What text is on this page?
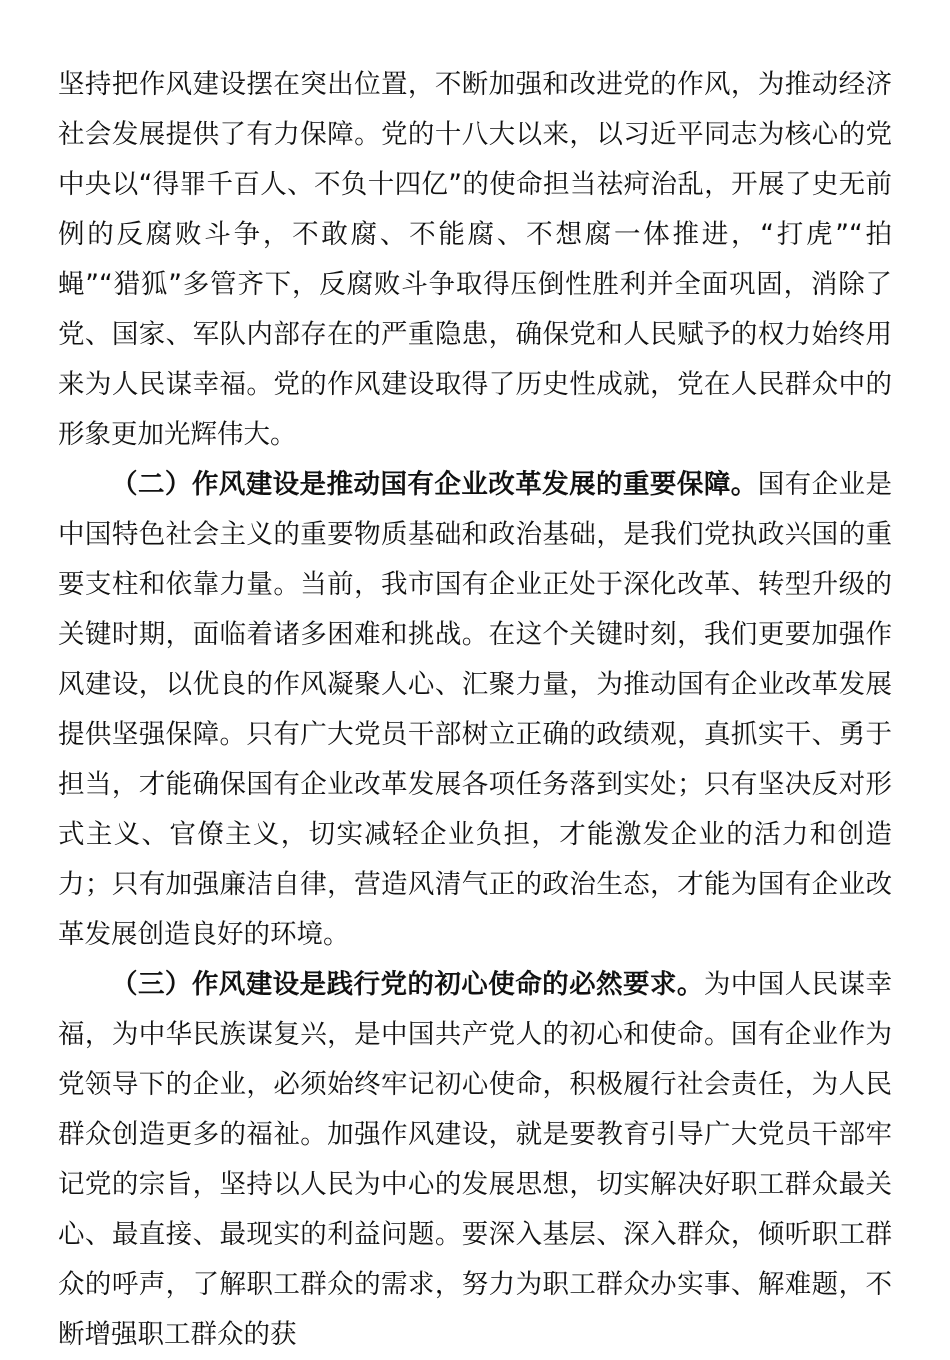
坚持把作风建设摆在突出位置，不断加强和改进党的作风，为推动经济社会发展提供了有力保障。党的十八大以来，以习近平同志为核心的党中央以“得罪千百人、不负十四亿”的使命担当祛疴治乱，开展了史无前例的反腐败斗争，不敢腐、不能腐、不想腐一体推进，“打虎”“拍蝇”“猎狐”多管齐下，反腐败斗争取得压倒性胜利并全面巩固，消除了党、国家、军队内部存在的严重隐患，确保党和人民赋予的权力始终用来为人民谋幸福。党的作风建设取得了历史性成就，党在人民群众中的形象更加光辉伟大。

（二）作风建设是推动国有企业改革发展的重要保障。国有企业是中国特色社会主义的重要物质基础和政治基础，是我们党执政兴国的重要支柱和依靠力量。当前，我市国有企业正处于深化改革、转型升级的关键时期，面临着诸多困难和挑战。在这个关键时刻，我们更要加强作风建设，以优良的作风凝聚人心、汇聚力量，为推动国有企业改革发展提供坚强保障。只有广大党员干部树立正确的政绩观，真抓实干、勇于担当，才能确保国有企业改革发展各项任务落到实处；只有坚决反对形式主义、官僚主义，切实减轻企业负担，才能激发企业的活力和创造力；只有加强廉洁自律，营造风清气正的政治生态，才能为国有企业改革发展创造良好的环境。

（三）作风建设是践行党的初心使命的必然要求。为中国人民谋幸福，为中华民族谋复兴，是中国共产党人的初心和使命。国有企业作为党领导下的企业，必须始终牢记初心使命，积极履行社会责任，为人民群众创造更多的福祉。加强作风建设，就是要教育引导广大党员干部牢记党的宗旨，坚持以人民为中心的发展思想，切实解决好职工群众最关心、最直接、最现实的利益问题。要深入基层、深入群众，倾听职工群众的呼声，了解职工群众的需求，努力为职工群众办实事、解难题，不断增强职工群众的获
